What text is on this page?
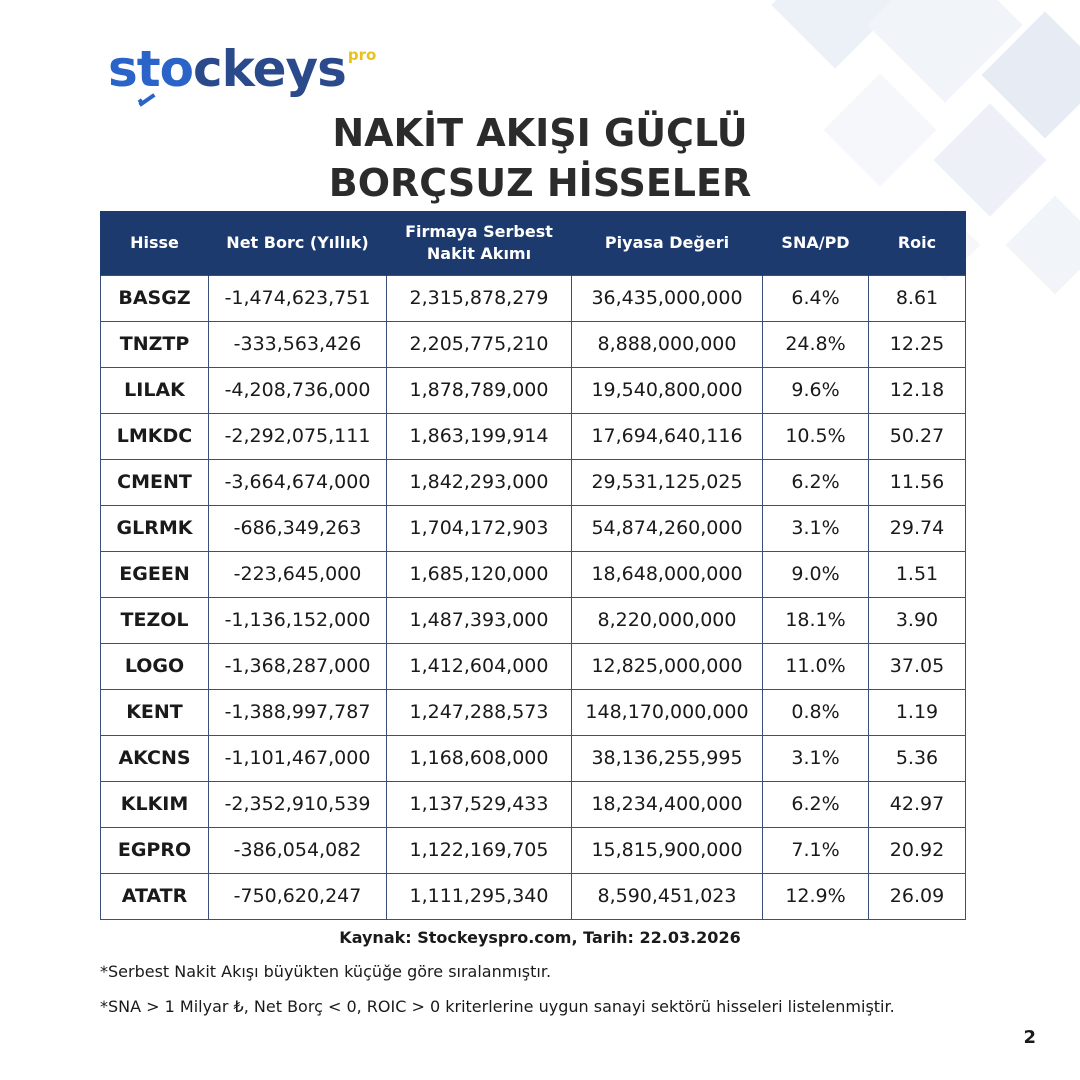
stockeys $^{pro}$
NAKİT AKIŞI GÜÇLÜ
BORÇSUZ HİSSELER
Hisse	Net Borc (Yıllık)	Firmaya Serbest Nakit Akımı	Piyasa Değeri	SNA/PD	Roic
BASGZ	-1,474,623,751	2,315,878,279	36,435,000,000	6.4%	8.61
TNZTP	-333,563,426	2,205,775,210	8,888,000,000	24.8%	12.25
LILAK	-4,208,736,000	1,878,789,000	19,540,800,000	9.6%	12.18
LMKDC	-2,292,075,111	1,863,199,914	17,694,640,116	10.5%	50.27
CMENT	-3,664,674,000	1,842,293,000	29,531,125,025	6.2%	11.56
GLRMK	-686,349,263	1,704,172,903	54,874,260,000	3.1%	29.74
EGEEN	-223,645,000	1,685,120,000	18,648,000,000	9.0%	1.51
TEZOL	-1,136,152,000	1,487,393,000	8,220,000,000	18.1%	3.90
LOGO	-1,368,287,000	1,412,604,000	12,825,000,000	11.0%	37.05
KENT	-1,388,997,787	1,247,288,573	148,170,000,000	0.8%	1.19
AKCNS	-1,101,467,000	1,168,608,000	38,136,255,995	3.1%	5.36
KLKIM	-2,352,910,539	1,137,529,433	18,234,400,000	6.2%	42.97
EGPRO	-386,054,082	1,122,169,705	15,815,900,000	7.1%	20.92
ATATR	-750,620,247	1,111,295,340	8,590,451,023	12.9%	26.09
Kaynak: Stockeyspro.com, Tarih: 22.03.2026
*Serbest Nakit Akışı büyükten küçüğe göre sıralanmıştır.
*SNA > 1 Milyar ₺, Net Borç < 0, ROIC > 0 kriterlerine uygun sanayi sektörü hisseleri listelenmiştir.
2
